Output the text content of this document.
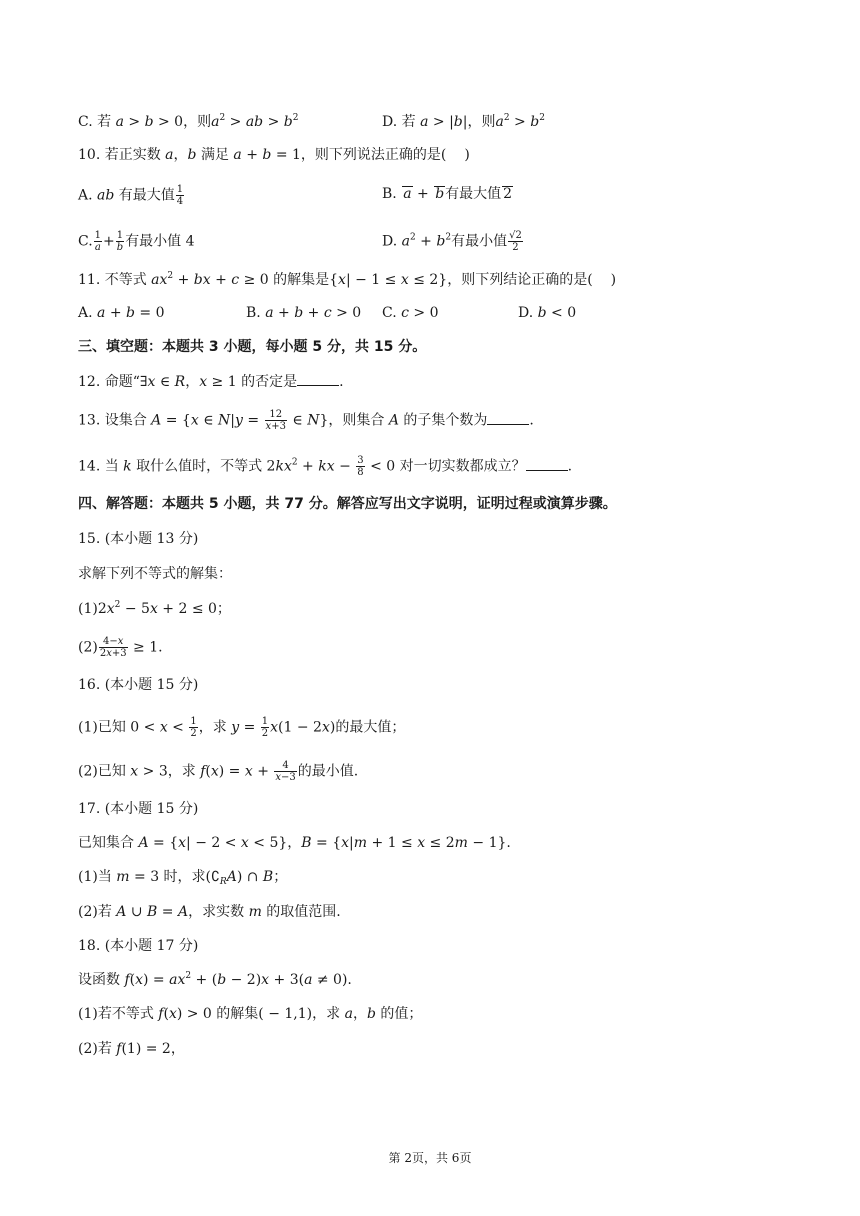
C. 若 a > b > 0，则$a^2$ > ab > $b^2$	D. 若 a > |b|，则$a^2 > b^2$
10. 若正实数 a，b 满足 a + b = 1，则下列说法正确的是( )
A. ab 有最大值 $\frac{1}{4}$	B. a + b有最大值 2
C. $\frac{1}{a} + \frac{1}{b}$ 有最小值 4	D. $a^2 + b^2$有最小值 $\frac{√2}{2}$
11. 不等式 $ax^2$ + bx + c ≥ 0 的解集是{x| − 1 ≤ x ≤ 2}，则下列结论正确的是( )
A. a + b = 0	B. a + b + c > 0 C. c > 0	D. b < 0
三、填空题：本题共 3 小题，每小题 5 分，共 15 分。
12. 命题“∃x ∈ R，x ≥ 1 的否定是	.
13. 设集合 A = {x ∈ $N|y = \frac{12}{x+3}$ ∈ N}，则集合 A 的子集个数为	.
14. 当 k 取什么值时，不等式 $2kx^2$ + kx − $\frac{3}{8} < 0$ 对一切实数都成立？	.
四、解答题：本题共 5 小题，共 77 分。解答应写出文字说明，证明过程或演算步骤。
15. (本小题 13 分)
求解下列不等式的解集：
$(1)2x^2 - 5x + 2 \le 0$；
$(2) \frac{4-x}{2x+3} \ge 1$.
16. (本小题 15 分)
(1)已知 $0 < x < \frac{1}{2}$ ，求 $y = \frac{1}{2} x(1 - 2x)$的最大值；
(2)已知 x > 3，求 $f(x) = x + \frac{4}{x-3}$ 的最小值.
17. (本小题 15 分)
已知集合 A = {x| − 2 < x < 5}，B = {x|m + 1 ≤ x ≤ 2m − 1}.
(1)当 m = 3 时，求$(∁_RA)$ ∩ B；
(2)若 A ∪ B = A，求实数 m 的取值范围.
18. (本小题 17 分)
设函数 $f(x) = ax^2 + (b - 2)x + 3(a \ne 0)$.
(1)若不等式 f(x) > 0 的解集( − 1,1)，求 a，b 的值；
(2)若 f(1) = 2，
第 2页，共 6页
